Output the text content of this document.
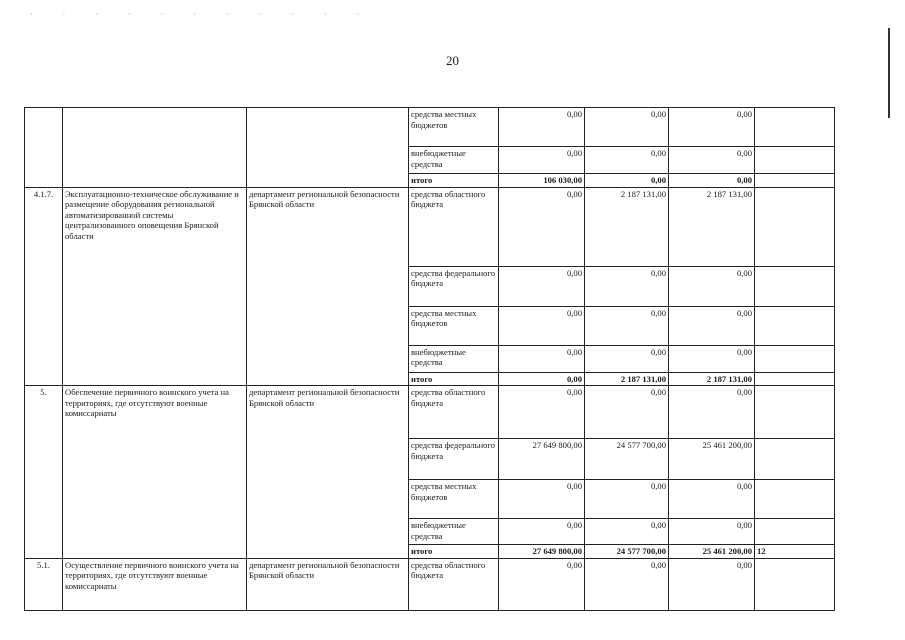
· · · · · · · · · · ·
20
			средства местных бюджетов	0,00	0,00	0,00	
			внебюджетные средства	0,00	0,00	0,00	
			итого	106 030,00	0,00	0,00	
4.1.7.	Эксплуатационно-техническое обслуживание и размещение оборудования региональной автоматизированной системы централизованного оповещения Брянской области	департамент региональной безопасности Брянской области	средства областного бюджета	0,00	2 187 131,00	2 187 131,00	
			средства федерального бюджета	0,00	0,00	0,00	
			средства местных бюджетов	0,00	0,00	0,00	
			внебюджетные средства	0,00	0,00	0,00	
			итого	0,00	2 187 131,00	2 187 131,00	
5.	Обеспечение первичного воинского учета на территориях, где отсутствуют военные комиссариаты	департамент региональной безопасности Брянской области	средства областного бюджета	0,00	0,00	0,00	
			средства федерального бюджета	27 649 800,00	24 577 700,00	25 461 200,00	
			средства местных бюджетов	0,00	0,00	0,00	
			внебюджетные средства	0,00	0,00	0,00	
			итого	27 649 800,00	24 577 700,00	25 461 200,00	12
5.1.	Осуществление первичного воинского учета на территориях, где отсутствуют военные комиссариаты	департамент региональной безопасности Брянской области	средства областного бюджета	0,00	0,00	0,00	
